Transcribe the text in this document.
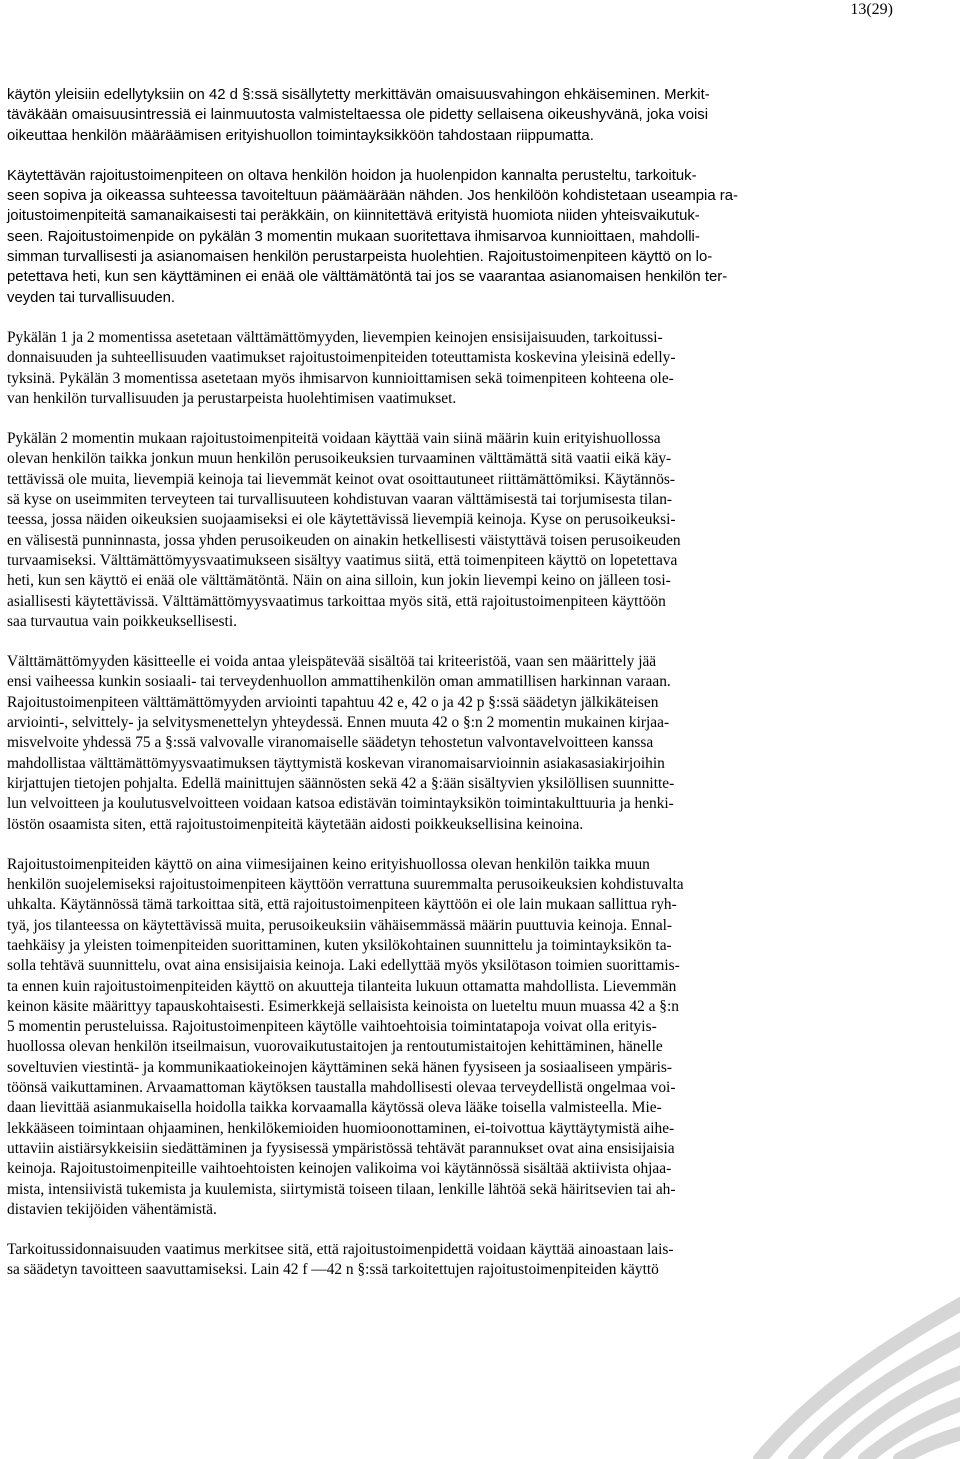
13(29)
käytön yleisiin edellytyksiin on 42 d §:ssä sisällytetty merkittävän omaisuusvahingon ehkäiseminen. Merkit-
täväkään omaisuusintressiä ei lainmuutosta valmisteltaessa ole pidetty sellaisena oikeushyvänä, joka voisi
oikeuttaa henkilön määräämisen erityishuollon toimintayksikköön tahdostaan riippumatta.
Käytettävän rajoitustoimenpiteen on oltava henkilön hoidon ja huolenpidon kannalta perusteltu, tarkoituk-
seen sopiva ja oikeassa suhteessa tavoiteltuun päämäärään nähden. Jos henkilöön kohdistetaan useampia ra-
joitustoimenpiteitä samanaikaisesti tai peräkkäin, on kiinnitettävä erityistä huomiota niiden yhteisvaikutuk-
seen. Rajoitustoimenpide on pykälän 3 momentin mukaan suoritettava ihmisarvoa kunnioittaen, mahdolli-
simman turvallisesti ja asianomaisen henkilön perustarpeista huolehtien. Rajoitustoimenpiteen käyttö on lo-
petettava heti, kun sen käyttäminen ei enää ole välttämätöntä tai jos se vaarantaa asianomaisen henkilön ter-
veyden tai turvallisuuden.
Pykälän 1 ja 2 momentissa asetetaan välttämättömyyden, lievempien keinojen ensisijaisuuden, tarkoitussi-
donnaisuuden ja suhteellisuuden vaatimukset rajoitustoimenpiteiden toteuttamista koskevina yleisinä edelly-
tyksinä. Pykälän 3 momentissa asetetaan myös ihmisarvon kunnioittamisen sekä toimenpiteen kohteena ole-
van henkilön turvallisuuden ja perustarpeista huolehtimisen vaatimukset.
Pykälän 2 momentin mukaan rajoitustoimenpiteitä voidaan käyttää vain siinä määrin kuin erityishuollossa
olevan henkilön taikka jonkun muun henkilön perusoikeuksien turvaaminen välttämättä sitä vaatii eikä käy-
tettävissä ole muita, lievempiä keinoja tai lievemmät keinot ovat osoittautuneet riittämättömiksi. Käytännös-
sä kyse on useimmiten terveyteen tai turvallisuuteen kohdistuvan vaaran välttämisestä tai torjumisesta tilan-
teessa, jossa näiden oikeuksien suojaamiseksi ei ole käytettävissä lievempiä keinoja. Kyse on perusoikeuksi-
en välisestä punninnasta, jossa yhden perusoikeuden on ainakin hetkellisesti väistyttävä toisen perusoikeuden
turvaamiseksi. Välttämättömyysvaatimukseen sisältyy vaatimus siitä, että toimenpiteen käyttö on lopetettava
heti, kun sen käyttö ei enää ole välttämätöntä. Näin on aina silloin, kun jokin lievempi keino on jälleen tosi-
asiallisesti käytettävissä. Välttämättömyysvaatimus tarkoittaa myös sitä, että rajoitustoimenpiteen käyttöön
saa turvautua vain poikkeuksellisesti.
Välttämättömyyden käsitteelle ei voida antaa yleispätevää sisältöä tai kriteeristöä, vaan sen määrittely jää
ensi vaiheessa kunkin sosiaali- tai terveydenhuollon ammattihenkilön oman ammatillisen harkinnan varaan.
Rajoitustoimenpiteen välttämättömyyden arviointi tapahtuu 42 e, 42 o ja 42 p §:ssä säädetyn jälkikäteisen
arviointi-, selvittely- ja selvitysmenettelyn yhteydessä. Ennen muuta 42 o §:n 2 momentin mukainen kirjaa-
misvelvoite yhdessä 75 a §:ssä valvovalle viranomaiselle säädetyn tehostetun valvontavelvoitteen kanssa
mahdollistaa välttämättömyysvaatimuksen täyttymistä koskevan viranomaisarvioinnin asiakasasiakirjoihin
kirjattujen tietojen pohjalta. Edellä mainittujen säännösten sekä 42 a §:ään sisältyvien yksilöllisen suunnitte-
lun velvoitteen ja koulutusvelvoitteen voidaan katsoa edistävän toimintayksikön toimintakulttuuria ja henki-
löstön osaamista siten, että rajoitustoimenpiteitä käytetään aidosti poikkeuksellisina keinoina.
Rajoitustoimenpiteiden käyttö on aina viimesijainen keino erityishuollossa olevan henkilön taikka muun
henkilön suojelemiseksi rajoitustoimenpiteen käyttöön verrattuna suuremmalta perusoikeuksien kohdistuvalta
uhkalta. Käytännössä tämä tarkoittaa sitä, että rajoitustoimenpiteen käyttöön ei ole lain mukaan sallittua ryh-
tyä, jos tilanteessa on käytettävissä muita, perusoikeuksiin vähäisemmässä määrin puuttuvia keinoja. Ennal-
taehkäisy ja yleisten toimenpiteiden suorittaminen, kuten yksilökohtainen suunnittelu ja toimintayksikön ta-
solla tehtävä suunnittelu, ovat aina ensisijaisia keinoja. Laki edellyttää myös yksilötason toimien suorittamis-
ta ennen kuin rajoitustoimenpiteiden käyttö on akuutteja tilanteita lukuun ottamatta mahdollista. Lievemmän
keinon käsite määrittyy tapauskohtaisesti. Esimerkkejä sellaisista keinoista on lueteltu muun muassa 42 a §:n
5 momentin perusteluissa. Rajoitustoimenpiteen käytölle vaihtoehtoisia toimintatapoja voivat olla erityis-
huollossa olevan henkilön itseilmaisun, vuorovaikutustaitojen ja rentoutumistaitojen kehittäminen, hänelle
soveltuvien viestintä- ja kommunikaatiokeinojen käyttäminen sekä hänen fyysiseen ja sosiaaliseen ympäris-
töönsä vaikuttaminen. Arvaamattoman käytöksen taustalla mahdollisesti olevaa terveydellistä ongelmaa voi-
daan lievittää asianmukaisella hoidolla taikka korvaamalla käytössä oleva lääke toisella valmisteella. Mie-
lekkääseen toimintaan ohjaaminen, henkilökemioiden huomioonottaminen, ei-toivottua käyttäytymistä aihe-
uttaviin aistiärsykkeisiin siedättäminen ja fyysisessä ympäristössä tehtävät parannukset ovat aina ensisijaisia
keinoja. Rajoitustoimenpiteille vaihtoehtoisten keinojen valikoima voi käytännössä sisältää aktiivista ohjaa-
mista, intensiivistä tukemista ja kuulemista, siirtymistä toiseen tilaan, lenkille lähtöä sekä häiritsevien tai ah-
distavien tekijöiden vähentämistä.
Tarkoitussidonnaisuuden vaatimus merkitsee sitä, että rajoitustoimenpidettä voidaan käyttää ainoastaan lais-
sa säädetyn tavoitteen saavuttamiseksi. Lain 42 f —42 n §:ssä tarkoitettujen rajoitustoimenpiteiden käyttö
